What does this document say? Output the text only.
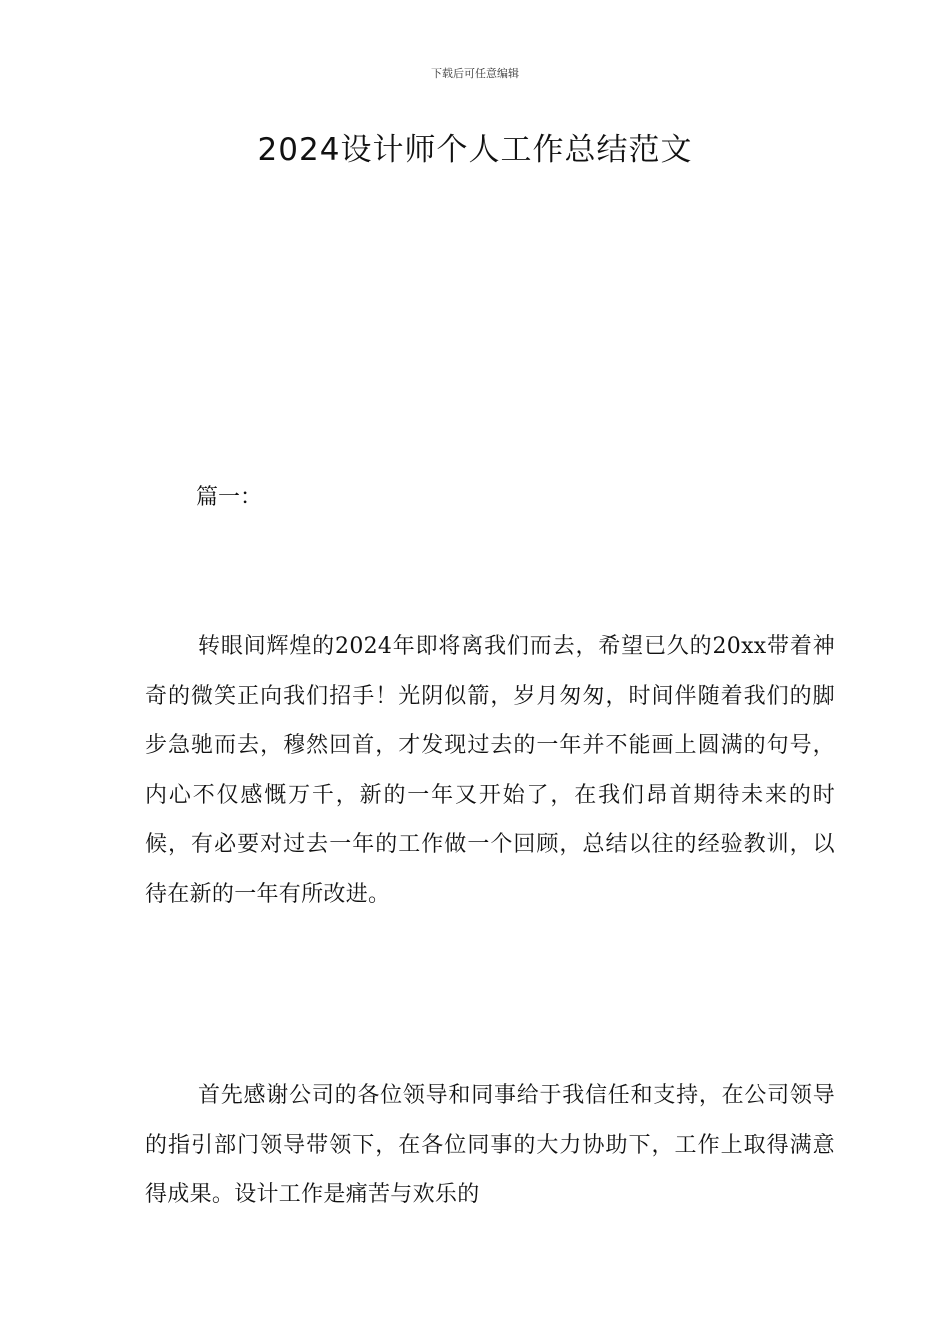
下载后可任意编辑
2024设计师个人工作总结范文
篇一：

转眼间辉煌的2024年即将离我们而去，希望已久的20xx带着神奇的微笑正向我们招手！光阴似箭，岁月匆匆，时间伴随着我们的脚步急驰而去，穆然回首，才发现过去的一年并不能画上圆满的句号，内心不仅感慨万千，新的一年又开始了，在我们昂首期待未来的时候，有必要对过去一年的工作做一个回顾，总结以往的经验教训，以待在新的一年有所改进。

首先感谢公司的各位领导和同事给于我信任和支持，在公司领导的指引部门领导带领下，在各位同事的大力协助下，工作上取得满意得成果。设计工作是痛苦与欢乐的
